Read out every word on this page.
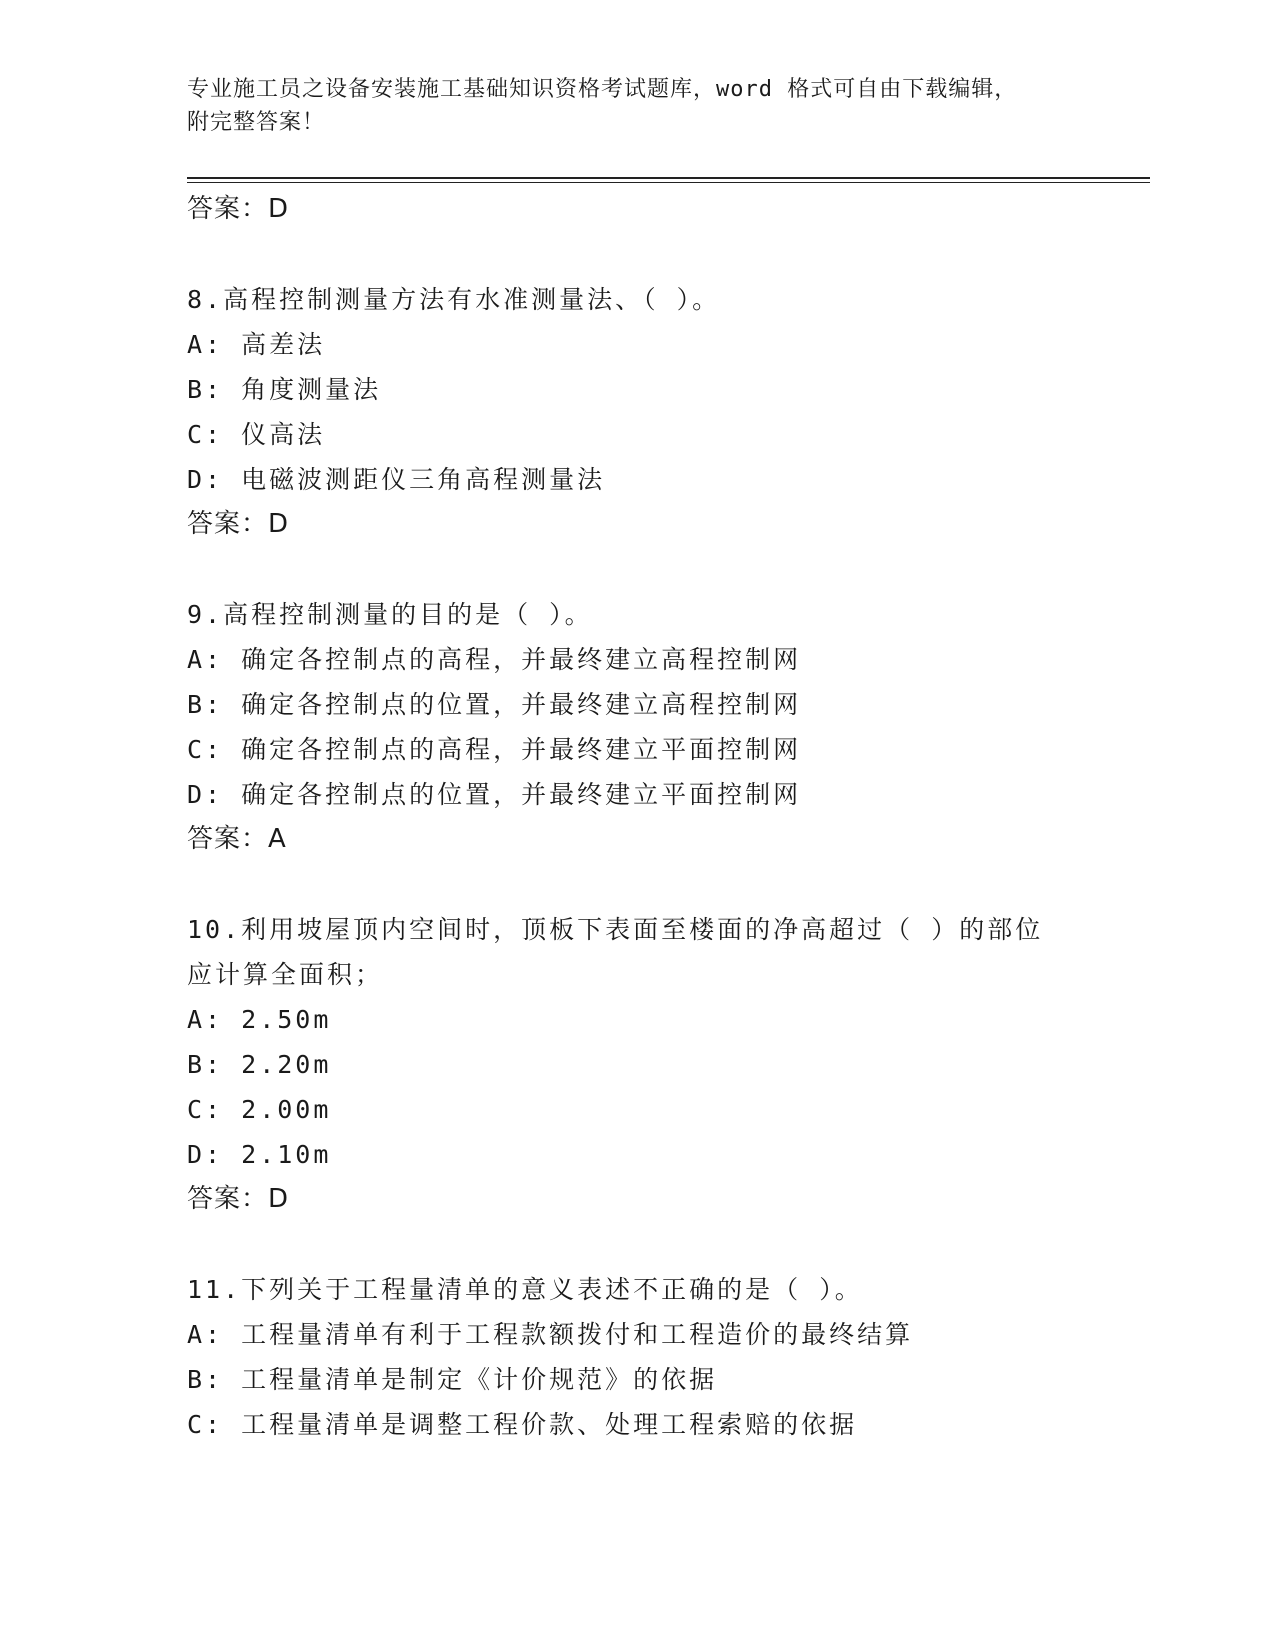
专业施工员之设备安装施工基础知识资格考试题库，word 格式可自由下载编辑，
附完整答案！
答案：D
8.高程控制测量方法有水准测量法、（ ）。
A: 高差法
B: 角度测量法
C: 仪高法
D: 电磁波测距仪三角高程测量法
答案：D
9.高程控制测量的目的是（ ）。
A: 确定各控制点的高程，并最终建立高程控制网
B: 确定各控制点的位置，并最终建立高程控制网
C: 确定各控制点的高程，并最终建立平面控制网
D: 确定各控制点的位置，并最终建立平面控制网
答案：A
10.利用坡屋顶内空间时，顶板下表面至楼面的净高超过（ ）的部位
应计算全面积；
A: 2.50m
B: 2.20m
C: 2.00m
D: 2.10m
答案：D
11.下列关于工程量清单的意义表述不正确的是（ ）。
A: 工程量清单有利于工程款额拨付和工程造价的最终结算
B: 工程量清单是制定《计价规范》的依据
C: 工程量清单是调整工程价款、处理工程索赔的依据
